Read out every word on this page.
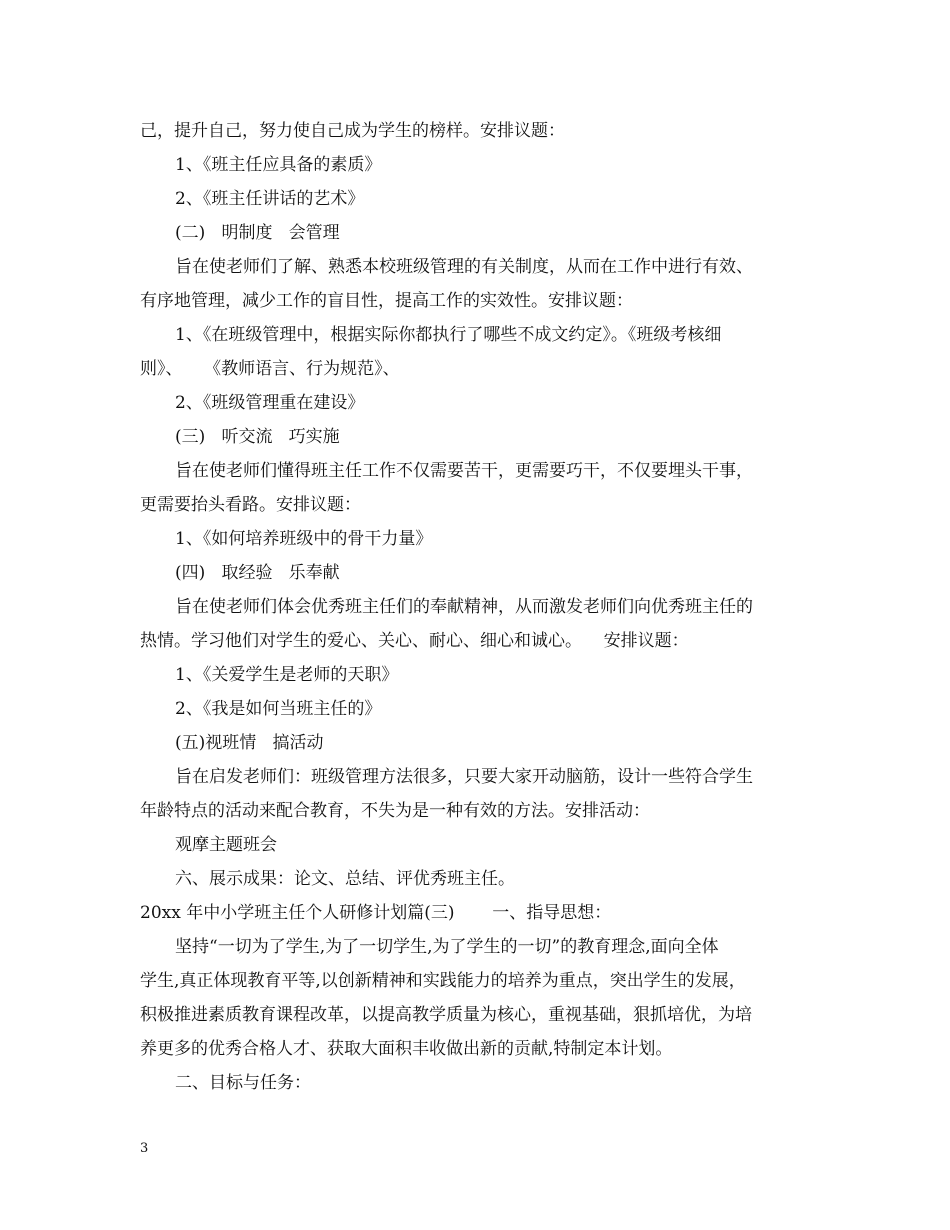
己，提升自己，努力使自己成为学生的榜样。安排议题：
1、《班主任应具备的素质》
2、《班主任讲话的艺术》
(二)   明制度   会管理
旨在使老师们了解、熟悉本校班级管理的有关制度，从而在工作中进行有效、
有序地管理，减少工作的盲目性，提高工作的实效性。安排议题：
1、《在班级管理中，根据实际你都执行了哪些不成文约定》。《班级考核细
则》、    《教师语言、行为规范》、
2、《班级管理重在建设》
(三)   听交流   巧实施
旨在使老师们懂得班主任工作不仅需要苦干，更需要巧干，不仅要埋头干事，
更需要抬头看路。安排议题：
1、《如何培养班级中的骨干力量》
(四)   取经验   乐奉献
旨在使老师们体会优秀班主任们的奉献精神，从而激发老师们向优秀班主任的
热情。学习他们对学生的爱心、关心、耐心、细心和诚心。    安排议题：
1、《关爱学生是老师的天职》
2、《我是如何当班主任的》
(五)视班情   搞活动
旨在启发老师们：班级管理方法很多，只要大家开动脑筋，设计一些符合学生
年龄特点的活动来配合教育，不失为是一种有效的方法。安排活动：
观摩主题班会
六、展示成果：论文、总结、评优秀班主任。
20xx 年中小学班主任个人研修计划篇(三)       一、指导思想：
坚持“一切为了学生,为了一切学生,为了学生的一切”的教育理念,面向全体
学生,真正体现教育平等,以创新精神和实践能力的培养为重点，突出学生的发展，
积极推进素质教育课程改革，以提高教学质量为核心，重视基础，狠抓培优，为培
养更多的优秀合格人才、获取大面积丰收做出新的贡献,特制定本计划。
二、目标与任务：
3
